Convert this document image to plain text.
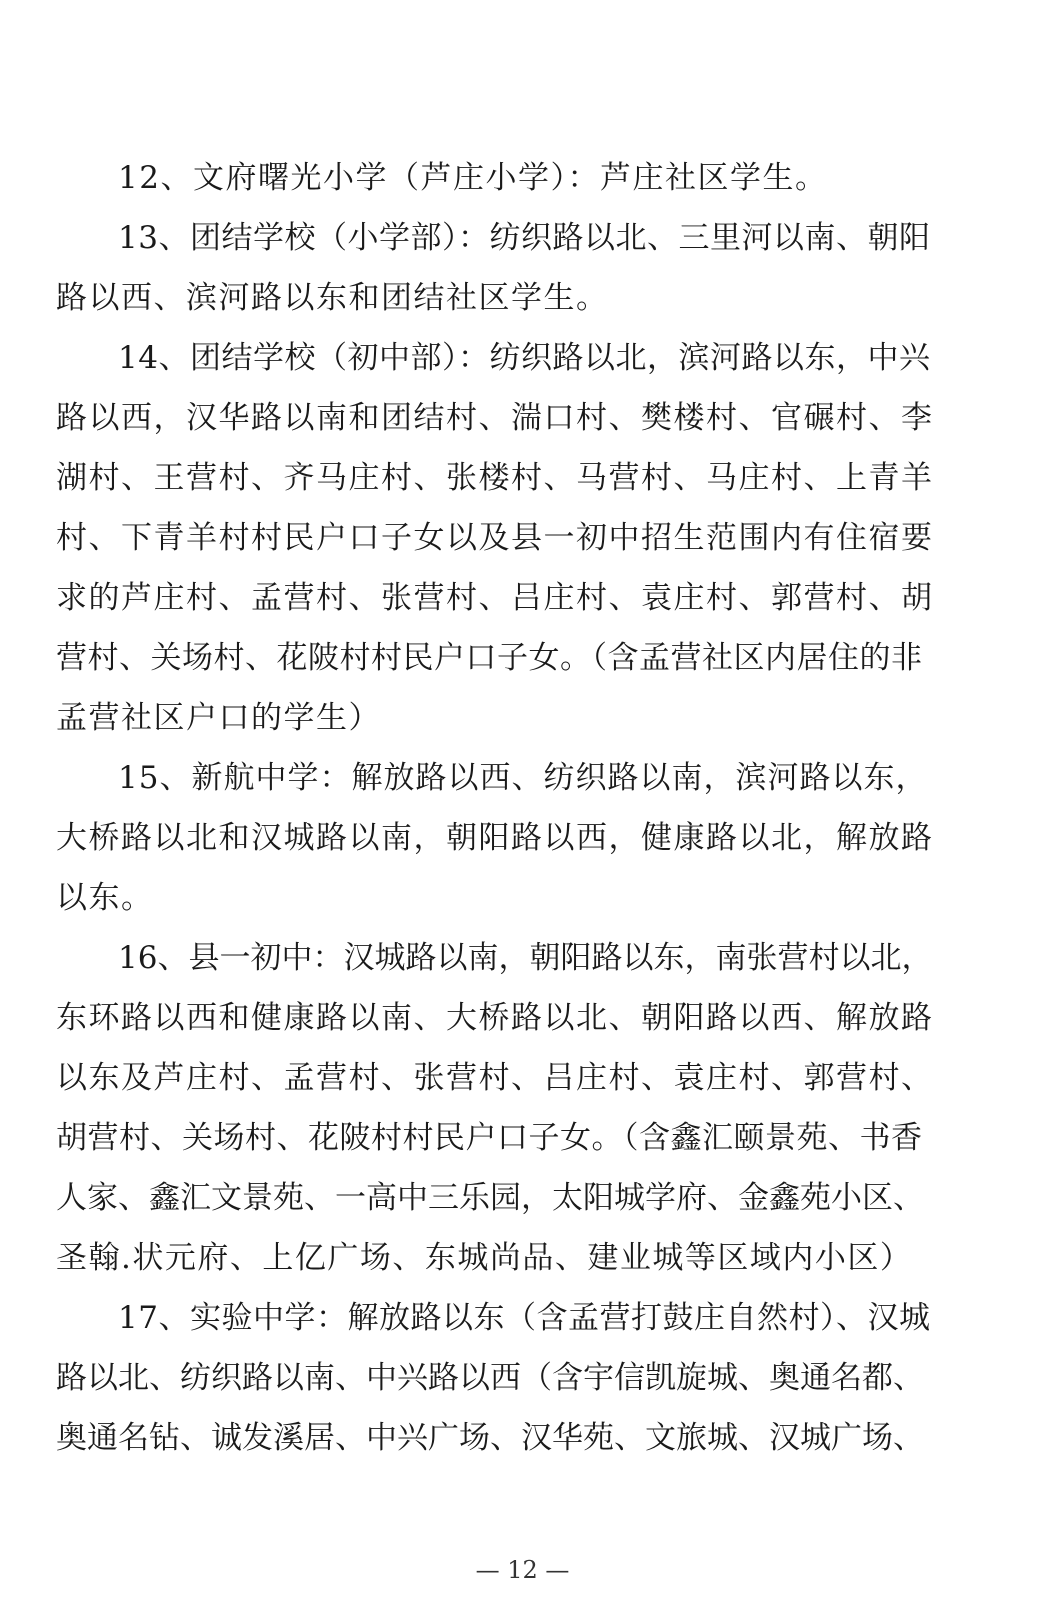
12、文府曙光小学（芦庄小学）：芦庄社区学生。
13、团结学校（小学部）：纺织路以北、三里河以南、朝阳
路以西、滨河路以东和团结社区学生。
14、团结学校（初中部）：纺织路以北，滨河路以东，中兴
路以西，汉华路以南和团结村、湍口村、樊楼村、官碾村、李
湖村、王营村、齐马庄村、张楼村、马营村、马庄村、上青羊
村、下青羊村村民户口子女以及县一初中招生范围内有住宿要
求的芦庄村、孟营村、张营村、吕庄村、袁庄村、郭营村、胡
营村、关场村、花陂村村民户口子女。（含孟营社区内居住的非
孟营社区户口的学生）
15、新航中学：解放路以西、纺织路以南，滨河路以东，
大桥路以北和汉城路以南，朝阳路以西，健康路以北，解放路
以东。
16、县一初中：汉城路以南，朝阳路以东，南张营村以北，
东环路以西和健康路以南、大桥路以北、朝阳路以西、解放路
以东及芦庄村、孟营村、张营村、吕庄村、袁庄村、郭营村、
胡营村、关场村、花陂村村民户口子女。（含鑫汇颐景苑、书香
人家、鑫汇文景苑、一高中三乐园，太阳城学府、金鑫苑小区、
圣翰.状元府、上亿广场、东城尚品、建业城等区域内小区）
17、实验中学：解放路以东（含孟营打鼓庄自然村）、汉城
路以北、纺织路以南、中兴路以西（含宇信凯旋城、奥通名都、
奥通名钻、诚发溪居、中兴广场、汉华苑、文旅城、汉城广场、
— 12 —
